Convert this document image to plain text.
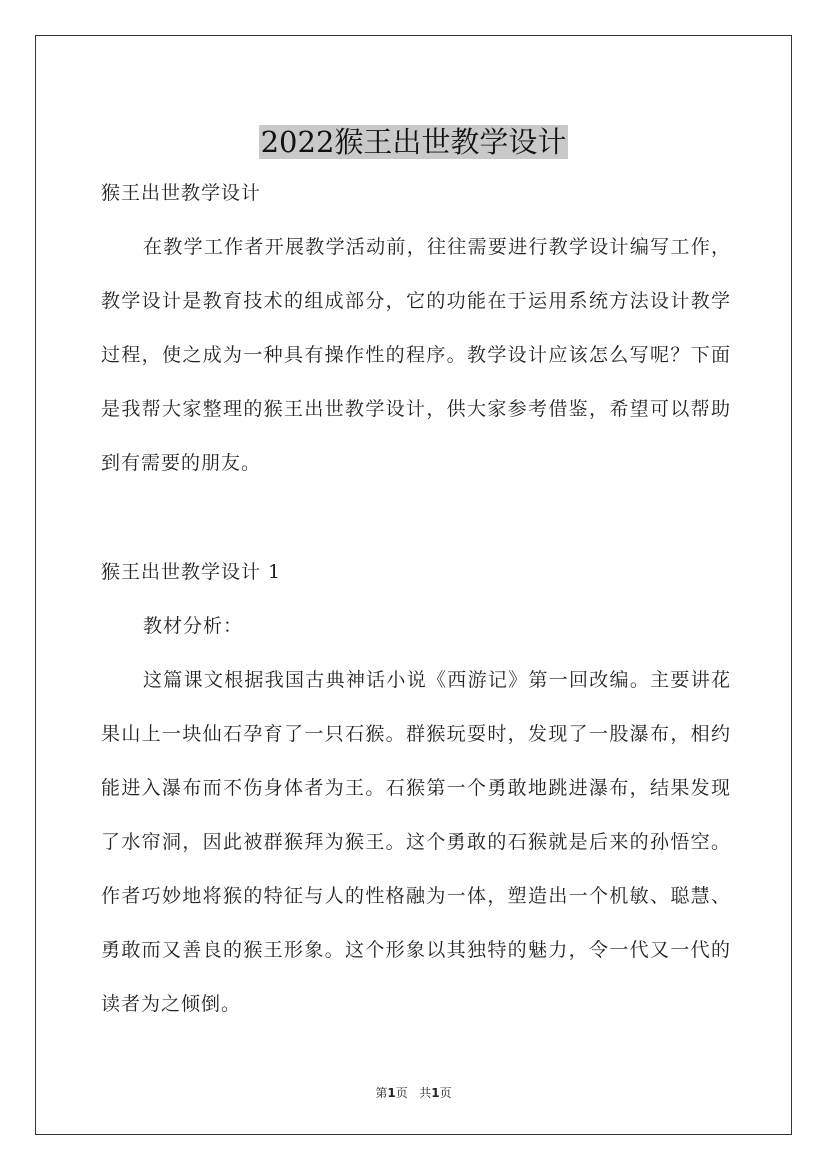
2022猴王出世教学设计
猴王出世教学设计

在教学工作者开展教学活动前，往往需要进行教学设计编写工作，教学设计是教育技术的组成部分，它的功能在于运用系统方法设计教学过程，使之成为一种具有操作性的程序。教学设计应该怎么写呢？下面是我帮大家整理的猴王出世教学设计，供大家参考借鉴，希望可以帮助到有需要的朋友。

猴王出世教学设计 1
教材分析：

这篇课文根据我国古典神话小说《西游记》第一回改编。主要讲花果山上一块仙石孕育了一只石猴。群猴玩耍时，发现了一股瀑布，相约能进入瀑布而不伤身体者为王。石猴第一个勇敢地跳进瀑布，结果发现了水帘洞，因此被群猴拜为猴王。这个勇敢的石猴就是后来的孙悟空。作者巧妙地将猴的特征与人的性格融为一体，塑造出一个机敏、聪慧、勇敢而又善良的猴王形象。这个形象以其独特的魅力，令一代又一代的读者为之倾倒。

第1页 共1页
